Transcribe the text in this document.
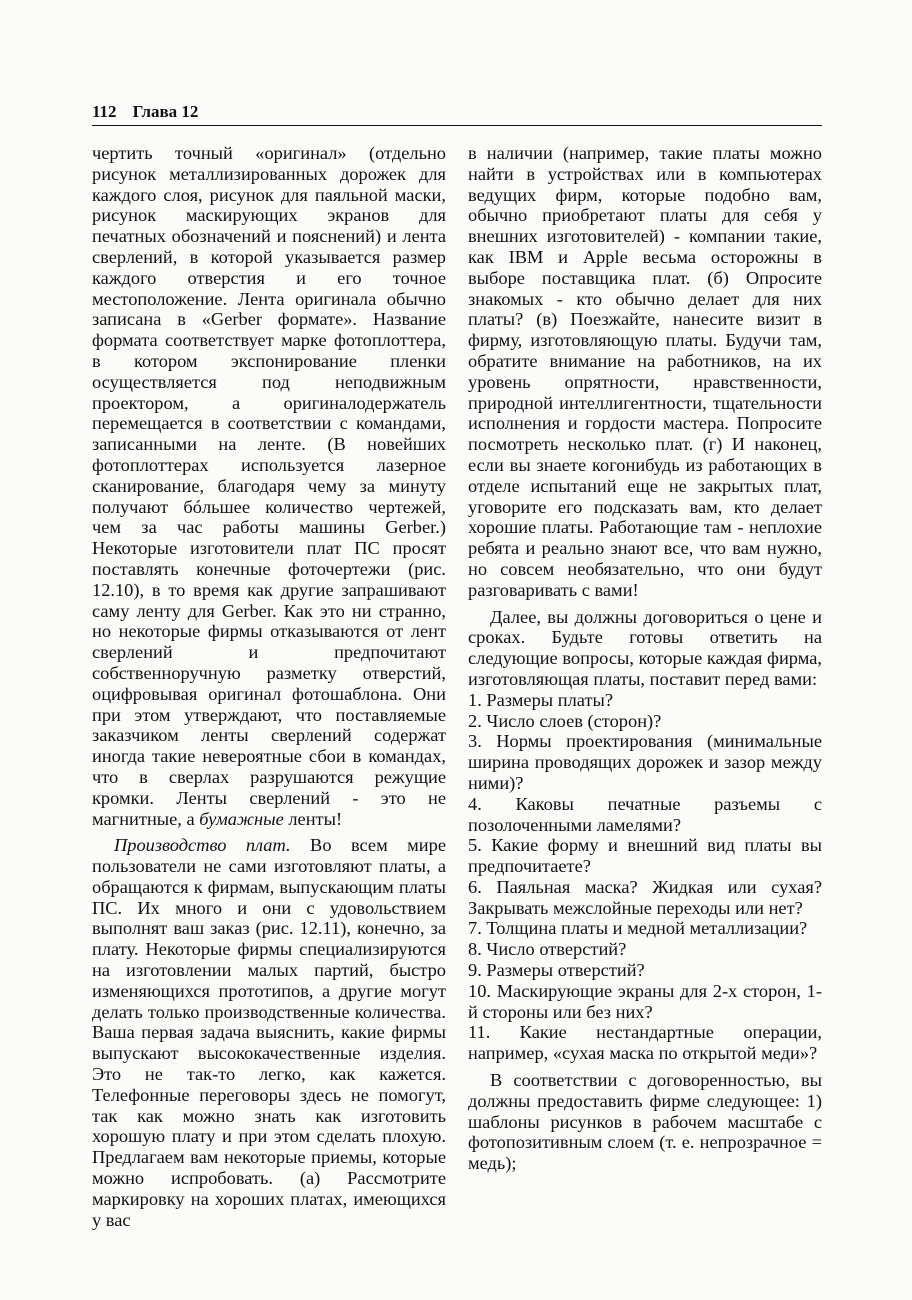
112 Глава 12

чертить точный «оригинал» (отдельно рисунок металлизированных дорожек для каждого слоя, рисунок для паяльной маски, рисунок маскирующих экранов для печатных обозначений и пояснений) и лента сверлений, в которой указывается размер каждого отверстия и его точное местоположение. Лента оригинала обычно записана в «Gerber формате». Название формата соответствует марке фотоплоттера, в котором экспонирование пленки осуществляется под неподвижным проектором, а оригиналодержатель перемещается в соответствии с командами, записанными на ленте. (В новейших фотоплоттерах используется лазерное сканирование, благодаря чему за минуту получают бóльшее количество чертежей, чем за час работы машины Gerber.) Некоторые изготовители плат ПС просят поставлять конечные фоточертежи (рис. 12.10), в то время как другие запрашивают саму ленту для Gerber. Как это ни странно, но некоторые фирмы отказываются от лент сверлений и предпочитают собственноручную разметку отверстий, оцифровывая оригинал фотошаблона. Они при этом утверждают, что поставляемые заказчиком ленты сверлений содержат иногда такие невероятные сбои в командах, что в сверлах разрушаются режущие кромки. Ленты сверлений - это не магнитные, а бумажные ленты!

Производство плат. Во всем мире пользователи не сами изготовляют платы, а обращаются к фирмам, выпускающим платы ПС. Их много и они с удовольствием выполнят ваш заказ (рис. 12.11), конечно, за плату. Некоторые фирмы специализируются на изготовлении малых партий, быстро изменяющихся прототипов, а другие могут делать только производственные количества. Ваша первая задача выяснить, какие фирмы выпускают высококачественные изделия. Это не так-то легко, как кажется. Телефонные переговоры здесь не помогут, так как можно знать как изготовить хорошую плату и при этом сделать плохую. Предлагаем вам некоторые приемы, которые можно испробовать. (а) Рассмотрите маркировку на хороших платах, имеющихся у вас

в наличии (например, такие платы можно найти в устройствах или в компьютерах ведущих фирм, которые подобно вам, обычно приобретают платы для себя у внешних изготовителей) - компании такие, как IBM и Apple весьма осторожны в выборе поставщика плат. (б) Опросите знакомых - кто обычно делает для них платы? (в) Поезжайте, нанесите визит в фирму, изготовляющую платы. Будучи там, обратите внимание на работников, на их уровень опрятности, нравственности, природной интеллигентности, тщательности исполнения и гордости мастера. Попросите посмотреть несколько плат. (г) И наконец, если вы знаете когонибудь из работающих в отделе испытаний еще не закрытых плат, уговорите его подсказать вам, кто делает хорошие платы. Работающие там - неплохие ребята и реально знают все, что вам нужно, но совсем необязательно, что они будут разговаривать с вами!

Далее, вы должны договориться о цене и сроках. Будьте готовы ответить на следующие вопросы, которые каждая фирма, изготовляющая платы, поставит перед вами:

1. Размеры платы?

2. Число слоев (сторон)?

3. Нормы проектирования (минимальные ширина проводящих дорожек и зазор между ними)?

4. Каковы печатные разъемы с позолоченными ламелями?

5. Какие форму и внешний вид платы вы предпочитаете?

6. Паяльная маска? Жидкая или сухая? Закрывать межслойные переходы или нет?

7. Толщина платы и медной металлизации?

8. Число отверстий?

9. Размеры отверстий?

10. Маскирующие экраны для 2-х сторон, 1-й стороны или без них?

11. Какие нестандартные операции, например, «сухая маска по открытой меди»?

В соответствии с договоренностью, вы должны предоставить фирме следующее: 1) шаблоны рисунков в рабочем масштабе с фотопозитивным слоем (т. е. непрозрачное = медь);
